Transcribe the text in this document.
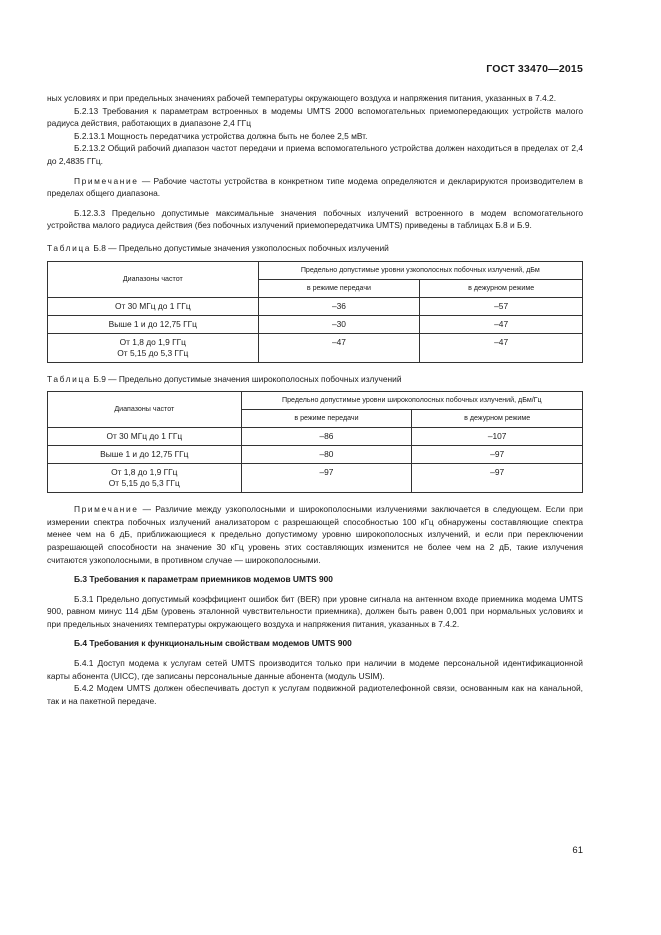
ГОСТ 33470—2015

ных условиях и при предельных значениях рабочей температуры окружающего воздуха и напряжения питания, указанных в 7.4.2.

Б.2.13 Требования к параметрам встроенных в модемы UMTS 2000 вспомогательных приемопередающих устройств малого радиуса действия, работающих в диапазоне 2,4 ГГц

Б.2.13.1 Мощность передатчика устройства должна быть не более 2,5 мВт.

Б.2.13.2 Общий рабочий диапазон частот передачи и приема вспомогательного устройства должен находиться в пределах от 2,4 до 2,4835 ГГц.

Примечание — Рабочие частоты устройства в конкретном типе модема определяются и декларируются производителем в пределах общего диапазона.

Б.12.3.3 Предельно допустимые максимальные значения побочных излучений встроенного в модем вспомогательного устройства малого радиуса действия (без побочных излучений приемопередатчика UMTS) приведены в таблицах Б.8 и Б.9.

Таблица Б.8 — Предельно допустимые значения узкополосных побочных излучений

Диапазоны частот	Предельно допустимые уровни узкополосных побочных излучений, дБм	
	в режиме передачи	в дежурном режиме
От 30 МГц до 1 ГГц	–36	–57
Выше 1 и до 12,75 ГГц	–30	–47
От 1,8 до 1,9 ГГц
От 5,15 до 5,3 ГГц	–47	–47

Таблица Б.9 — Предельно допустимые значения широкополосных побочных излучений

Диапазоны частот	Предельно допустимые уровни широкополосных побочных излучений, дБм/Гц	
	в режиме передачи	в дежурном режиме
От 30 МГц до 1 ГГц	–86	–107
Выше 1 и до 12,75 ГГц	–80	–97
От 1,8 до 1,9 ГГц
От 5,15 до 5,3 ГГц	–97	–97

Примечание — Различие между узкополосными и широкополосными излучениями заключается в следующем. Если при измерении спектра побочных излучений анализатором с разрешающей способностью 100 кГц обнаружены составляющие спектра менее чем на 6 дБ, приближающиеся к предельно допустимому уровню широкополосных излучений, и если при переключении разрешающей способности на значение 30 кГц уровень этих составляющих изменится не более чем на 2 дБ, такие излучения считаются узкополосными, в противном случае — широкополосными.

Б.3 Требования к параметрам приемников модемов UMTS 900

Б.3.1 Предельно допустимый коэффициент ошибок бит (BER) при уровне сигнала на антенном входе приемника модема UMTS 900, равном минус 114 дБм (уровень эталонной чувствительности приемника), должен быть равен 0,001 при нормальных условиях и при предельных значениях температуры окружающего воздуха и напряжения питания, указанных в 7.4.2.

Б.4 Требования к функциональным свойствам модемов UMTS 900

Б.4.1 Доступ модема к услугам сетей UMTS производится только при наличии в модеме персональной идентификационной карты абонента (UICC), где записаны персональные данные абонента (модуль USIM).

Б.4.2 Модем UMTS должен обеспечивать доступ к услугам подвижной радиотелефонной связи, основанным как на канальной, так и на пакетной передаче.

61
